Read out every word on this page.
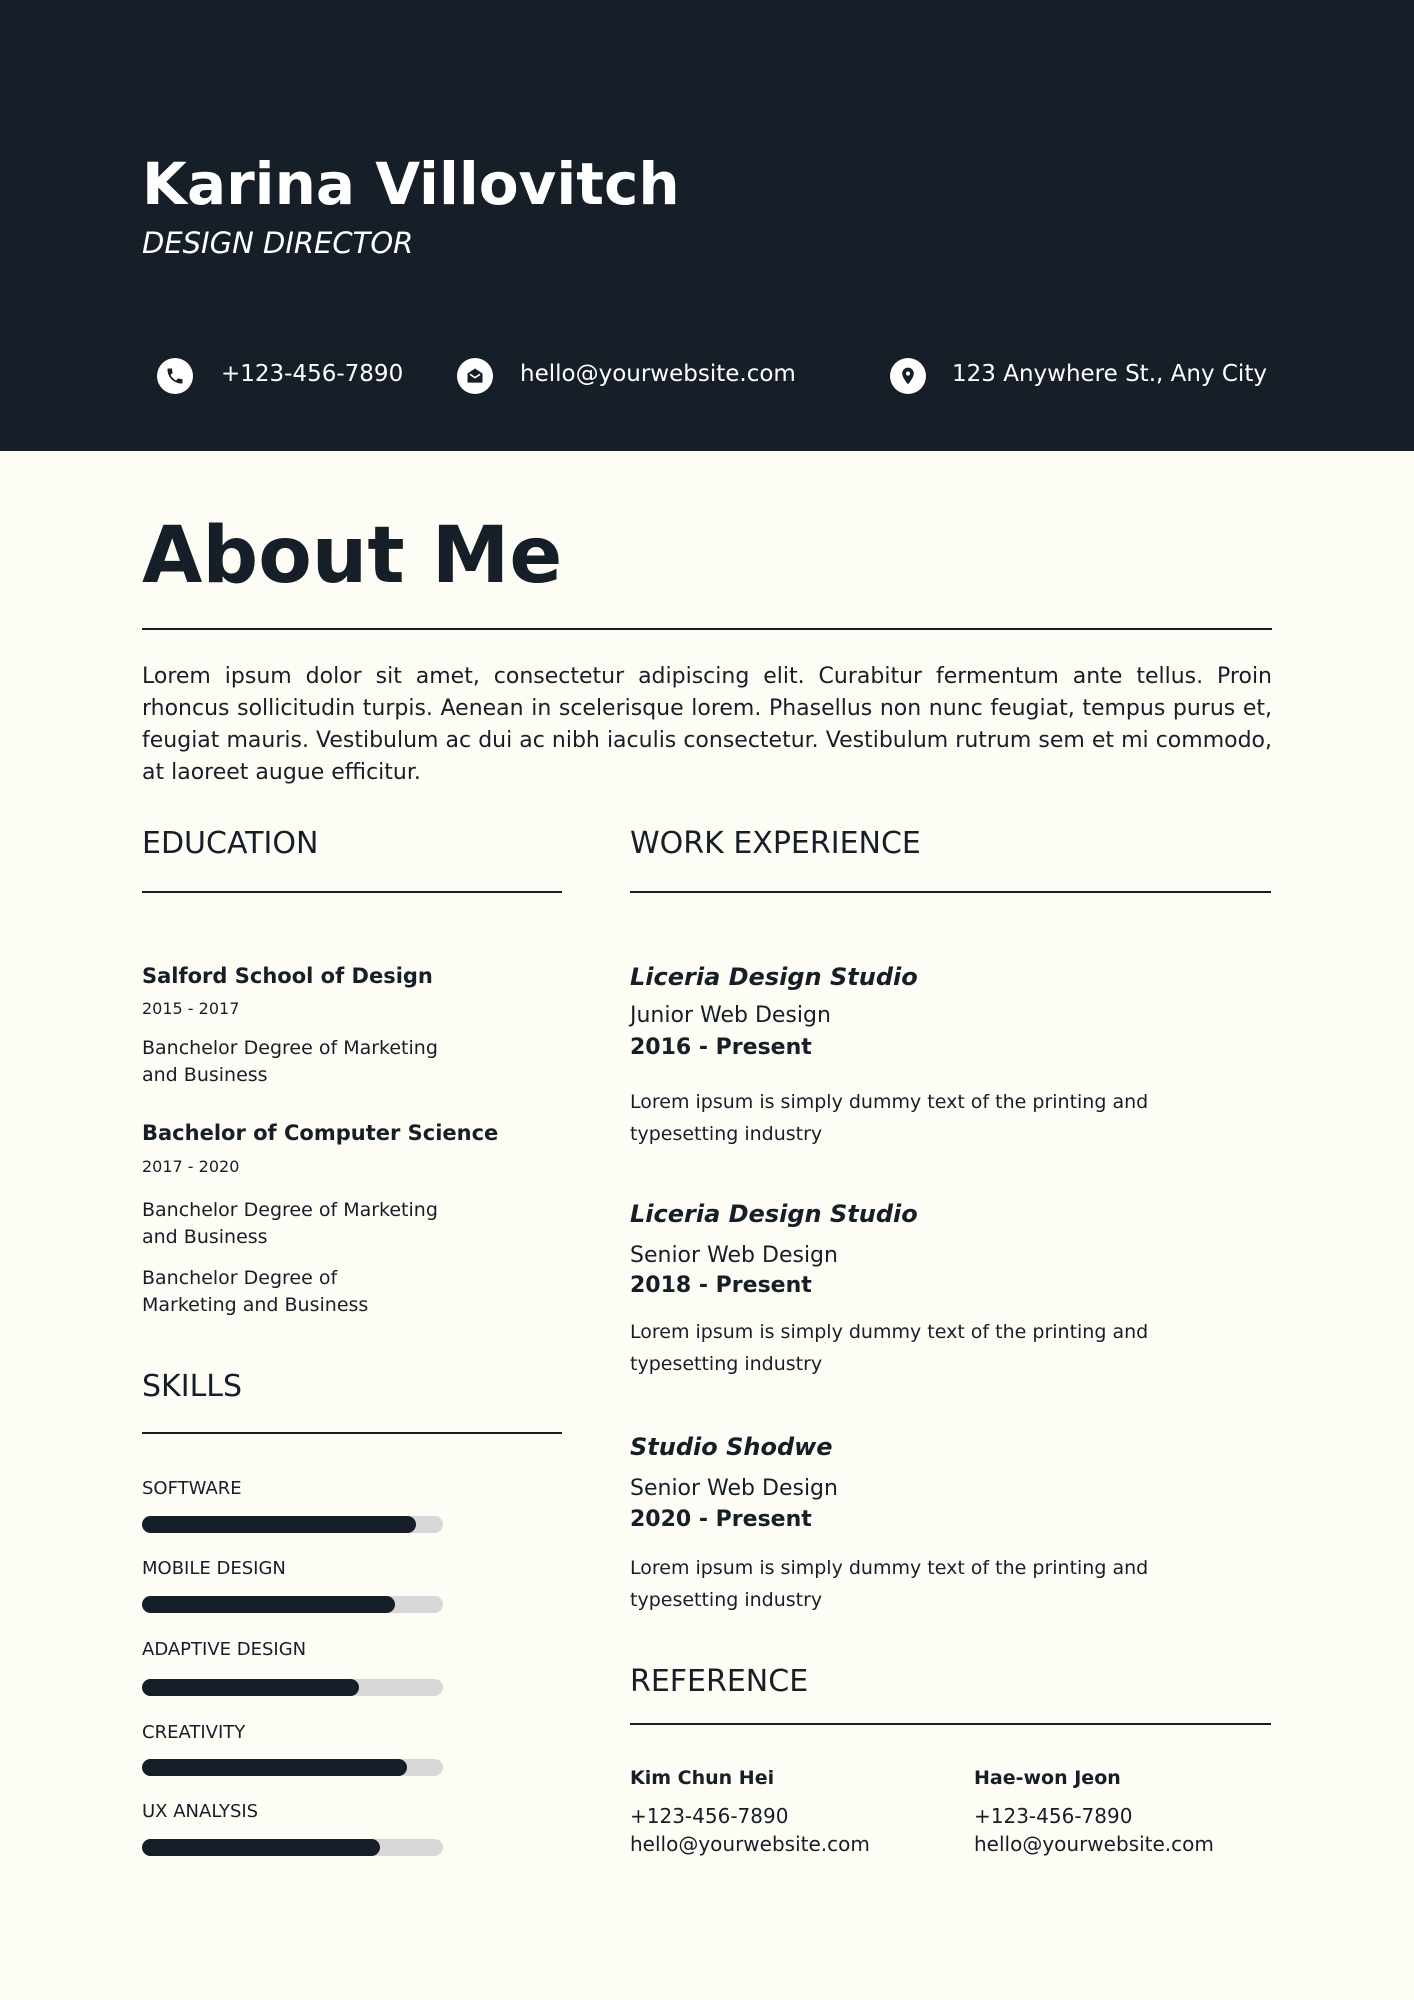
Karina Villovitch
DESIGN DIRECTOR
+123-456-7890	hello@yourwebsite.com	123 Anywhere St., Any City
About Me
Lorem ipsum dolor sit amet, consectetur adipiscing elit. Curabitur fermentum ante tellus. Proin rhoncus sollicitudin turpis. Aenean in scelerisque lorem. Phasellus non nunc feugiat, tempus purus et, feugiat mauris. Vestibulum ac dui ac nibh iaculis consectetur. Vestibulum rutrum sem et mi commodo, at laoreet augue efficitur.
EDUCATION
Salford School of Design
2015 - 2017
Banchelor Degree of Marketing and Business
Bachelor of Computer Science
2017 - 2020
Banchelor Degree of Marketing and Business
Banchelor Degree of Marketing and Business
SKILLS
SOFTWARE
MOBILE DESIGN
ADAPTIVE DESIGN
CREATIVITY
UX ANALYSIS
WORK EXPERIENCE
Liceria Design Studio
Junior Web Design
2016 - Present
Lorem ipsum is simply dummy text of the printing and typesetting industry
Liceria Design Studio
Senior Web Design
2018 - Present
Lorem ipsum is simply dummy text of the printing and typesetting industry
Studio Shodwe
Senior Web Design
2020 - Present
Lorem ipsum is simply dummy text of the printing and typesetting industry
REFERENCE
Kim Chun Hei
+123-456-7890
hello@yourwebsite.com
Hae-won Jeon
+123-456-7890
hello@yourwebsite.com
